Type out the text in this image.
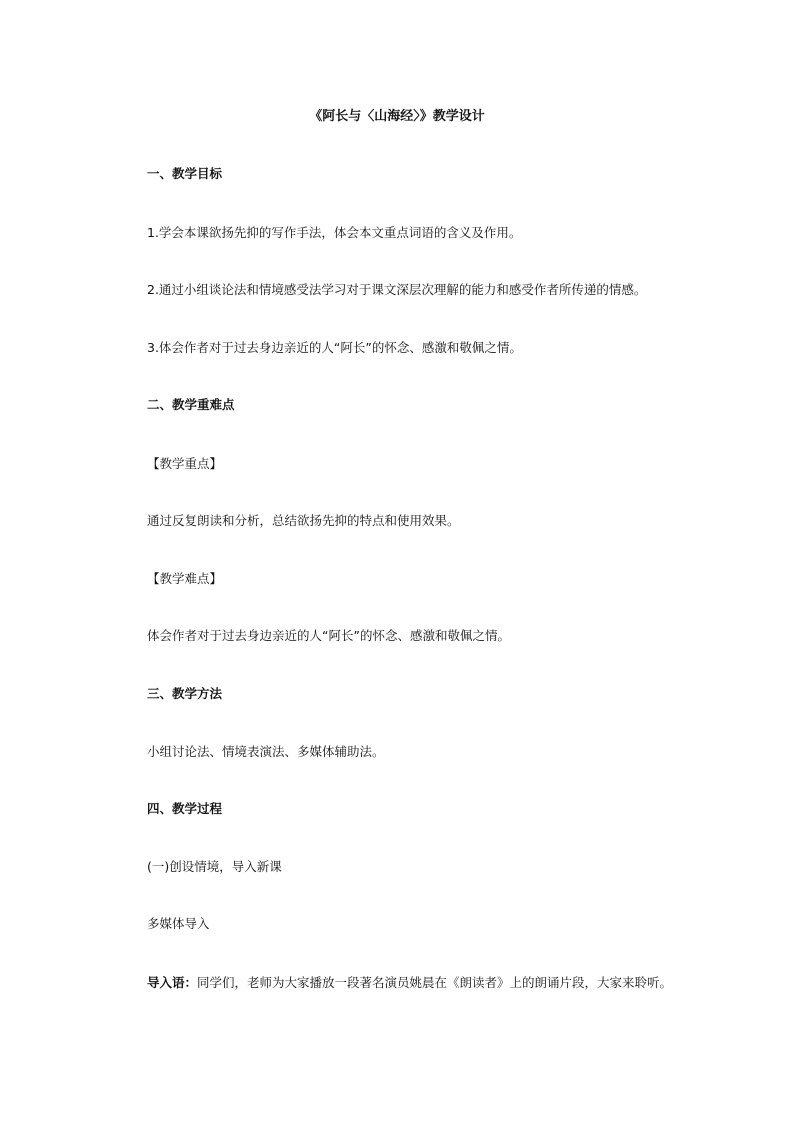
《阿长与〈山海经〉》教学设计
一、教学目标
1.学会本课欲扬先抑的写作手法，体会本文重点词语的含义及作用。
2.通过小组谈论法和情境感受法学习对于课文深层次理解的能力和感受作者所传递的情感。
3.体会作者对于过去身边亲近的人“阿长”的怀念、感激和敬佩之情。
二、教学重难点
【教学重点】
通过反复朗读和分析，总结欲扬先抑的特点和使用效果。
【教学难点】
体会作者对于过去身边亲近的人“阿长”的怀念、感激和敬佩之情。
三、教学方法
小组讨论法、情境表演法、多媒体辅助法。
四、教学过程
(一)创设情境，导入新课
多媒体导入
导入语：同学们，老师为大家播放一段著名演员姚晨在《朗读者》上的朗诵片段，大家来聆听。
